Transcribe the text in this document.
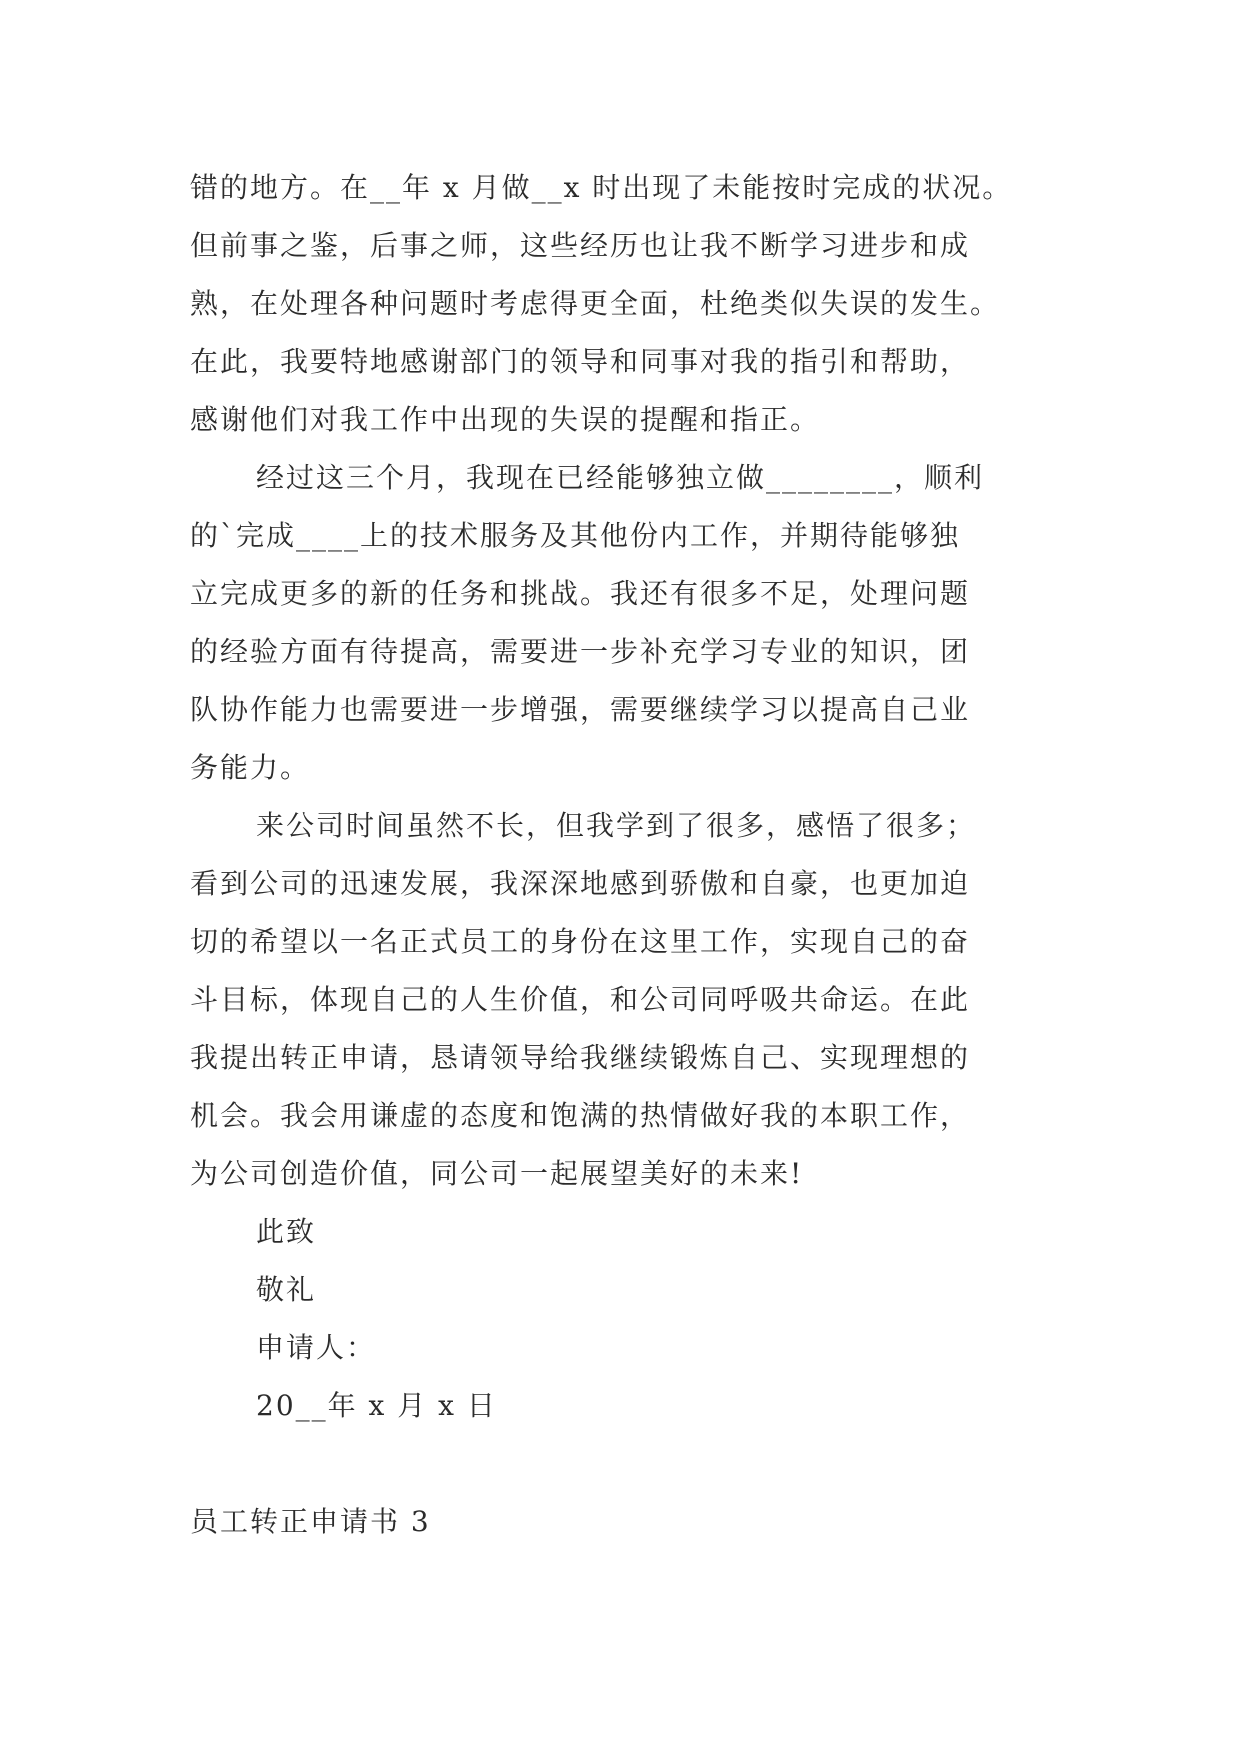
错的地方。在__年 x 月做__x 时出现了未能按时完成的状况。
但前事之鉴，后事之师，这些经历也让我不断学习进步和成
熟，在处理各种问题时考虑得更全面，杜绝类似失误的发生。
在此，我要特地感谢部门的领导和同事对我的指引和帮助，
感谢他们对我工作中出现的失误的提醒和指正。
经过这三个月，我现在已经能够独立做________，顺利
的`完成____上的技术服务及其他份内工作，并期待能够独
立完成更多的新的任务和挑战。我还有很多不足，处理问题
的经验方面有待提高，需要进一步补充学习专业的知识，团
队协作能力也需要进一步增强，需要继续学习以提高自己业
务能力。
来公司时间虽然不长，但我学到了很多，感悟了很多；
看到公司的迅速发展，我深深地感到骄傲和自豪，也更加迫
切的希望以一名正式员工的身份在这里工作，实现自己的奋
斗目标，体现自己的人生价值，和公司同呼吸共命运。在此
我提出转正申请，恳请领导给我继续锻炼自己、实现理想的
机会。我会用谦虚的态度和饱满的热情做好我的本职工作，
为公司创造价值，同公司一起展望美好的未来!
此致
敬礼
申请人：
20__年 x 月 x 日
员工转正申请书 3
